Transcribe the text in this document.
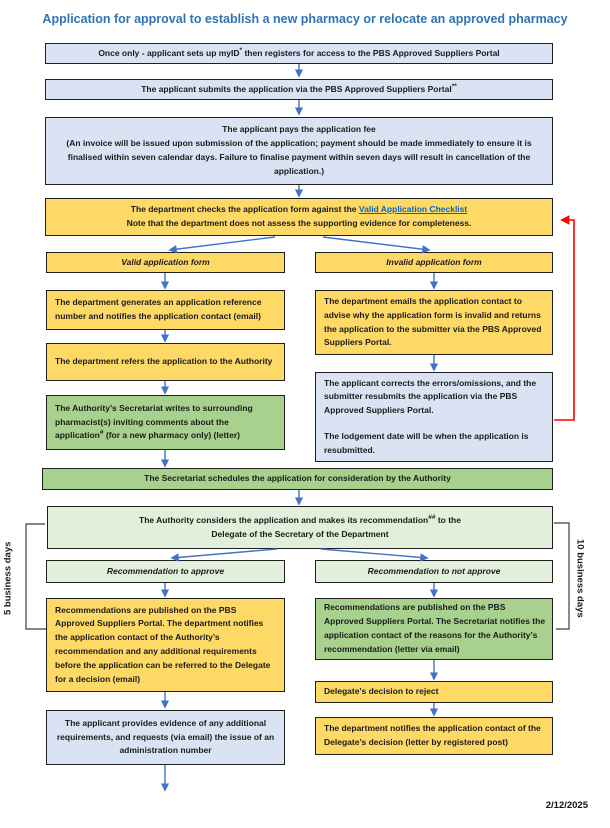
Application for approval to establish a new pharmacy or relocate an approved pharmacy
Once only - applicant sets up myID* then registers for access to the PBS Approved Suppliers Portal
The applicant submits the application via the PBS Approved Suppliers Portal**
The applicant pays the application fee
(An invoice will be issued upon submission of the application; payment should be made immediately to ensure it is finalised within seven calendar days. Failure to finalise payment within seven days will result in cancellation of the application.)
The department checks the application form against the Valid Application Checklist
Note that the department does not assess the supporting evidence for completeness.
Valid application form	Invalid application form
The department generates an application reference number and notifies the application contact (email)
The department refers the application to the Authority
The Authority’s Secretariat writes to surrounding pharmacist(s) inviting comments about the application# (for a new pharmacy only) (letter)
The department emails the application contact to advise why the application form is invalid and returns the application to the submitter via the PBS Approved Suppliers Portal.
The applicant corrects the errors/omissions, and the submitter resubmits the application via the PBS Approved Suppliers Portal.
The lodgement date will be when the application is resubmitted.
The Secretariat schedules the application for consideration by the Authority
The Authority considers the application and makes its recommendation## to the
Delegate of the Secretary of the Department
Recommendation to approve	Recommendation to not approve
Recommendations are published on the PBS Approved Suppliers Portal. The department notifies the application contact of the Authority’s recommendation and any additional requirements before the application can be referred to the Delegate for a decision (email)
The applicant provides evidence of any additional requirements, and requests (via email) the issue of an administration number
Recommendations are published on the PBS Approved Suppliers Portal. The Secretariat notifies the application contact of the reasons for the Authority’s recommendation (letter via email)
Delegate’s decision to reject
The department notifies the application contact of the Delegate’s decision (letter by registered post)
5 business days	10 business days
2/12/2025
